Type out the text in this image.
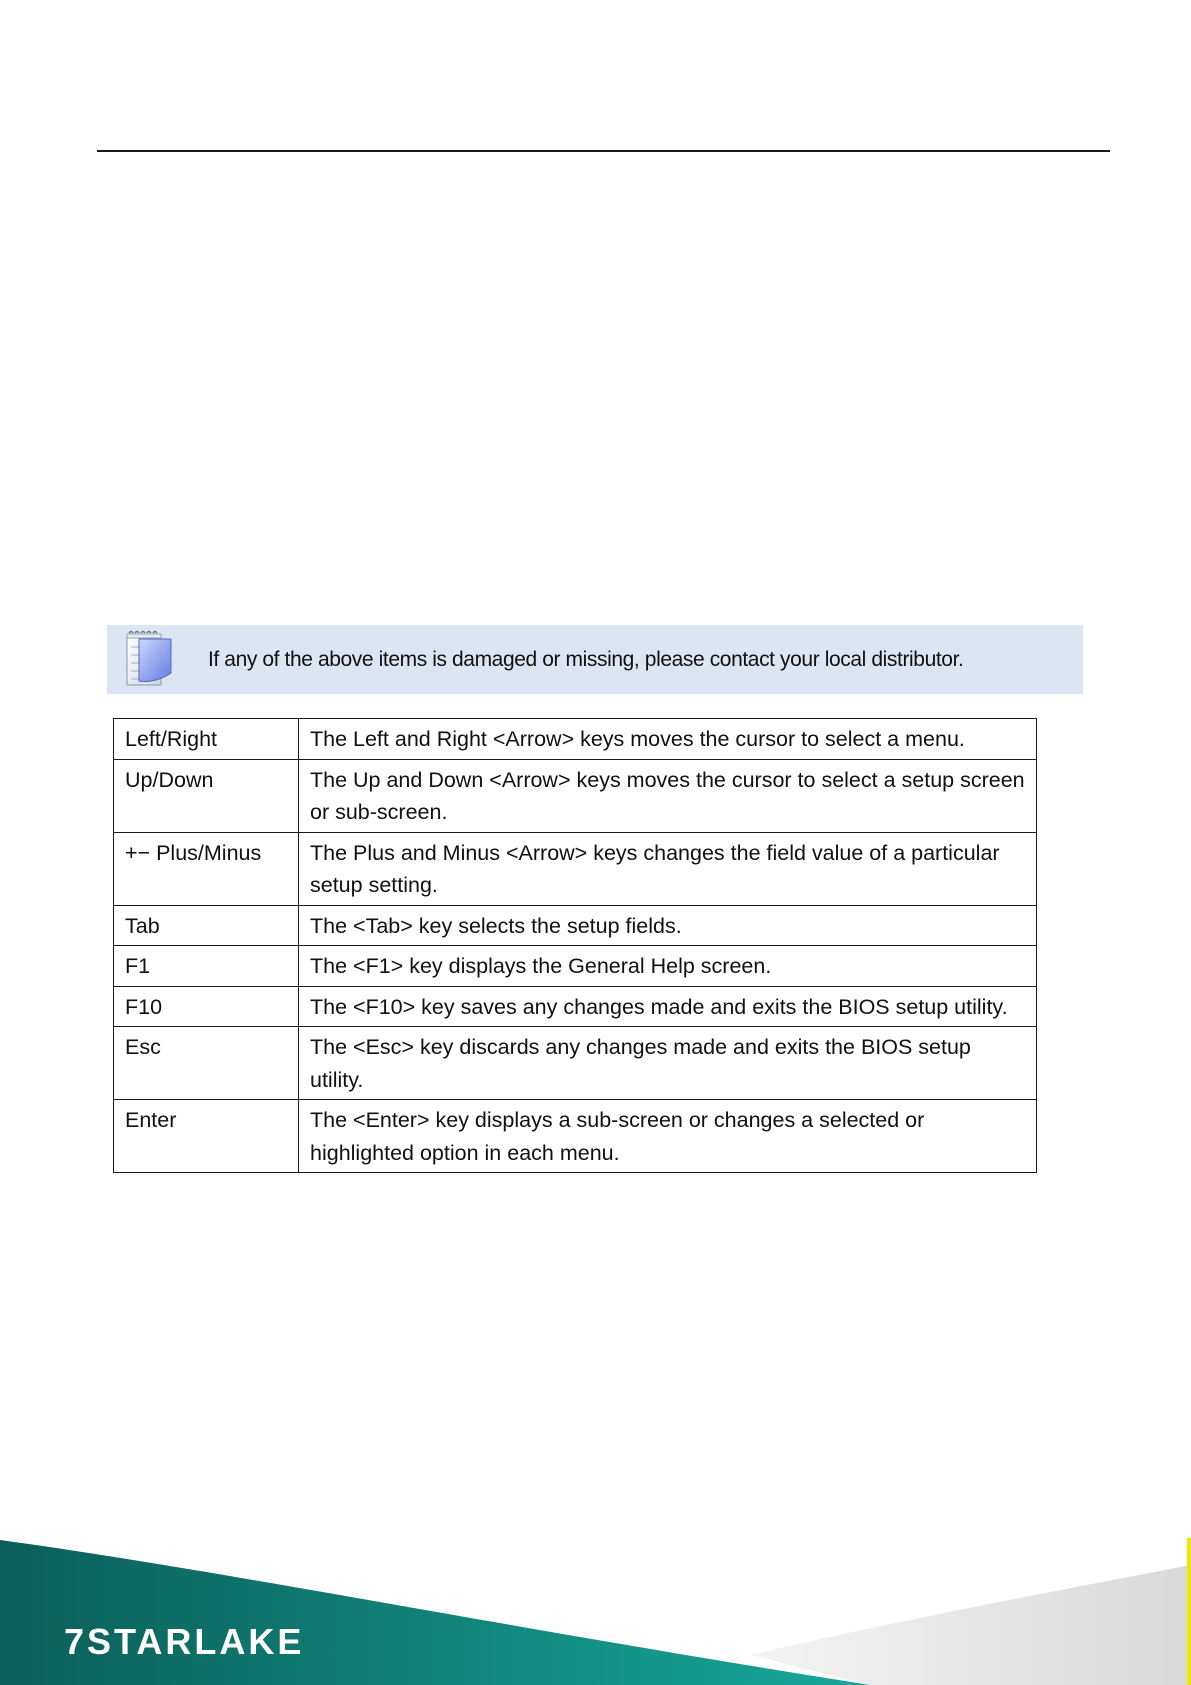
If any of the above items is damaged or missing, please contact your local distributor.
Left/Right	The Left and Right <Arrow> keys moves the cursor to select a menu.
Up/Down	The Up and Down <Arrow> keys moves the cursor to select a setup screen or sub-screen.
+− Plus/Minus	The Plus and Minus <Arrow> keys changes the field value of a particular setup setting.
Tab	The <Tab> key selects the setup fields.
F1	The <F1> key displays the General Help screen.
F10	The <F10> key saves any changes made and exits the BIOS setup utility.
Esc	The <Esc> key discards any changes made and exits the BIOS setup utility.
Enter	The <Enter> key displays a sub-screen or changes a selected or highlighted option in each menu.
7STARLAKE
